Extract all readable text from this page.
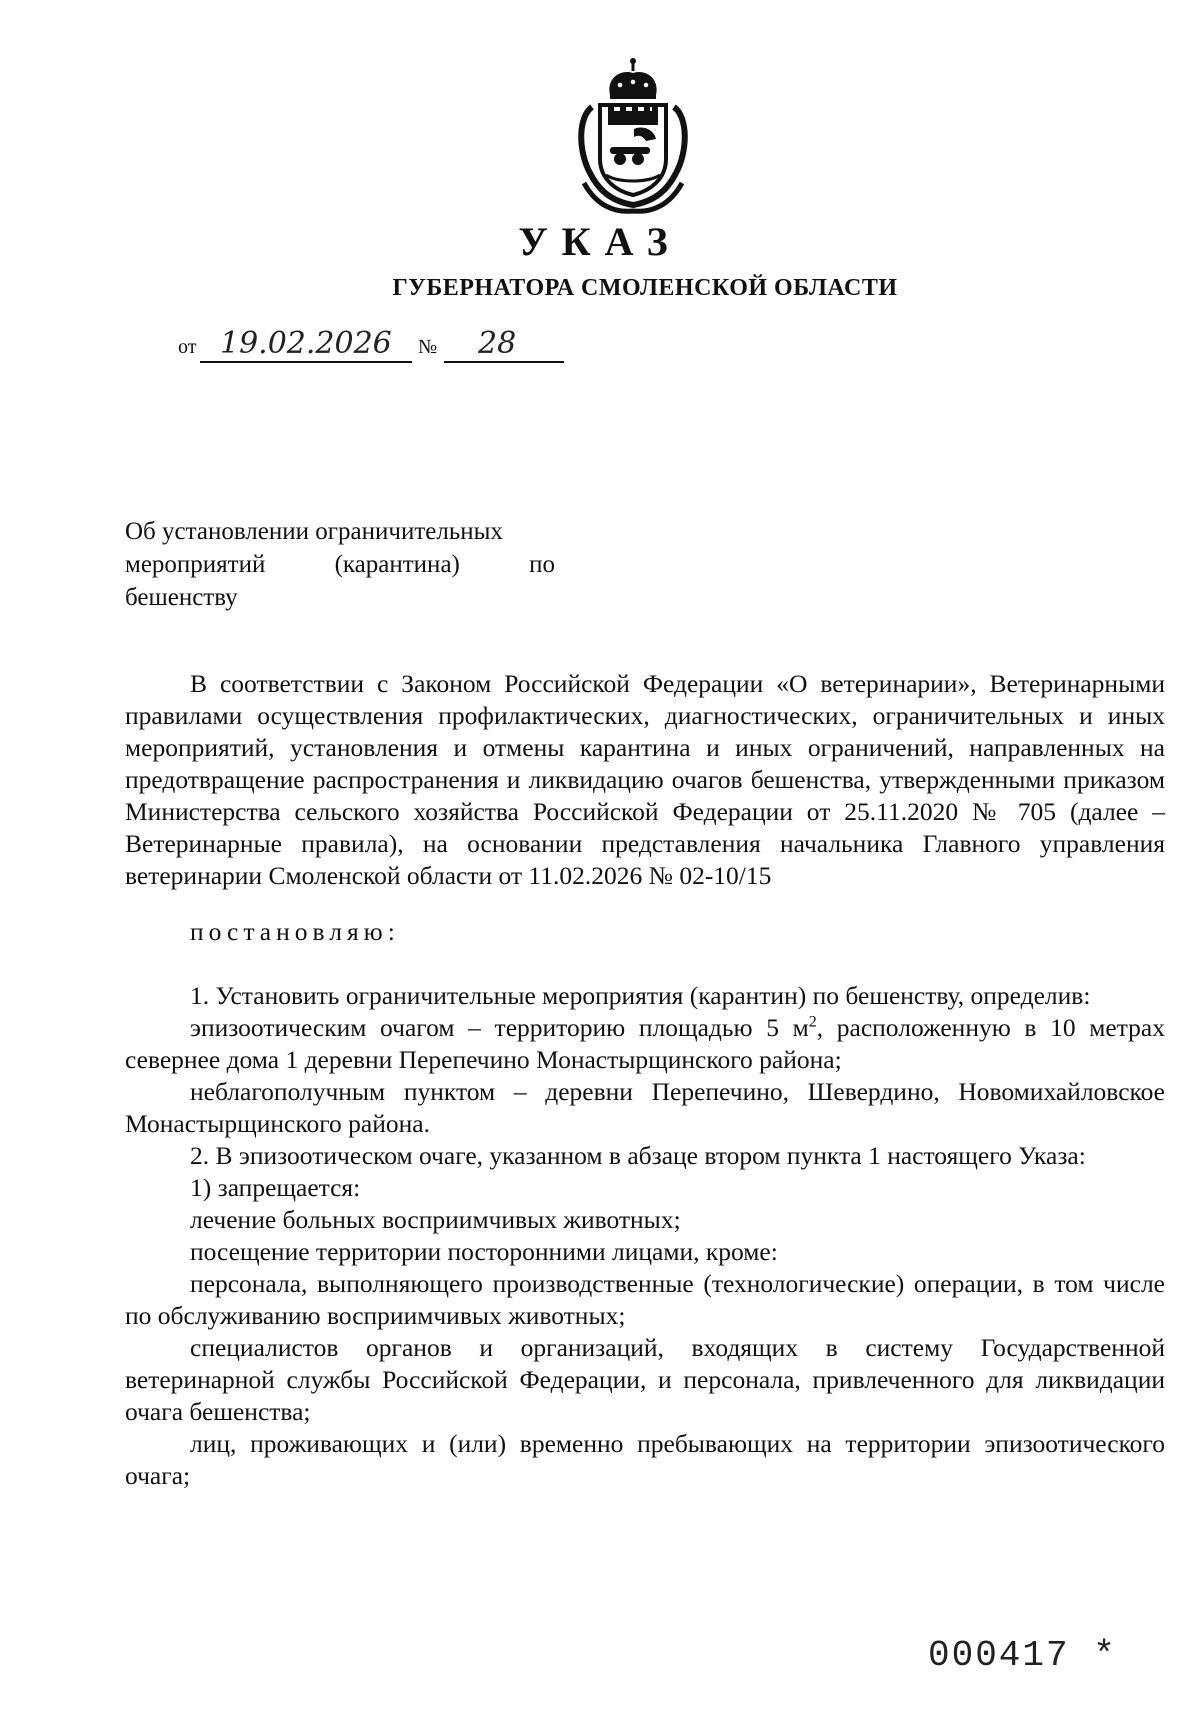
УКАЗ
ГУБЕРНАТОРА СМОЛЕНСКОЙ ОБЛАСТИ
от 19.02.2026 № 28
Об установлении ограничительных
мероприятий	(карантина)	по
бешенству

В соответствии с Законом Российской Федерации «О ветеринарии», Ветеринарными правилами осуществления профилактических, диагностических, ограничительных и иных мероприятий, установления и отмены карантина и иных ограничений, направленных на предотвращение распространения и ликвидацию очагов бешенства, утвержденными приказом Министерства сельского хозяйства Российской Федерации от 25.11.2020 № 705 (далее – Ветеринарные правила), на основании представления начальника Главного управления ветеринарии Смоленской области от 11.02.2026 № 02-10/15

постановляю:

1. Установить ограничительные мероприятия (карантин) по бешенству, определив:

эпизоотическим очагом – территорию площадью 5 $м^2$, расположенную в 10 метрах севернее дома 1 деревни Перепечино Монастырщинского района;

неблагополучным пунктом – деревни Перепечино, Шевердино, Новомихайловское Монастырщинского района.

2. В эпизоотическом очаге, указанном в абзаце втором пункта 1 настоящего Указа:

1) запрещается:

лечение больных восприимчивых животных;

посещение территории посторонними лицами, кроме:

персонала, выполняющего производственные (технологические) операции, в том числе по обслуживанию восприимчивых животных;

специалистов органов и организаций, входящих в систему Государственной ветеринарной службы Российской Федерации, и персонала, привлеченного для ликвидации очага бешенства;

лиц, проживающих и (или) временно пребывающих на территории эпизоотического очага;

000417 *
